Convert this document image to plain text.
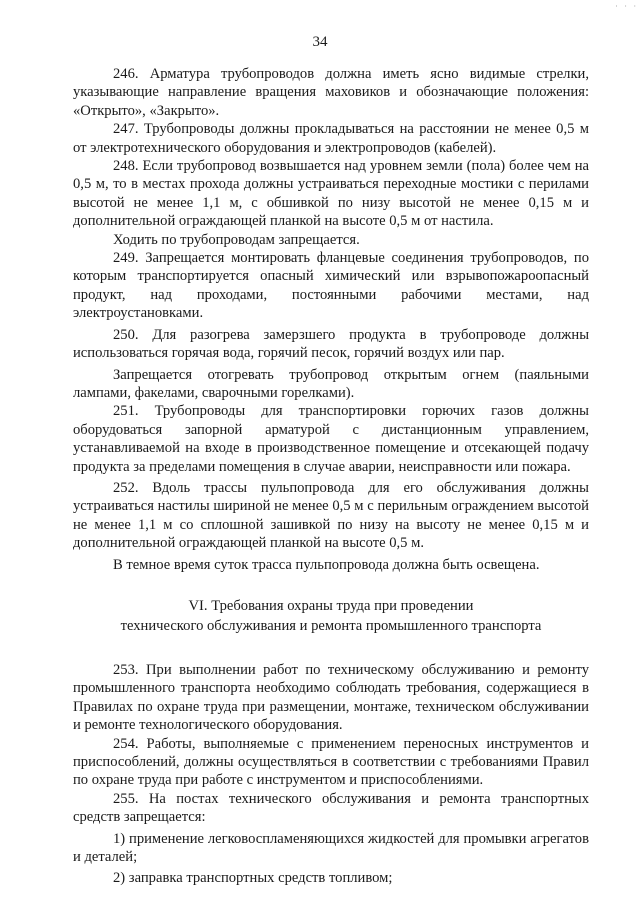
· · ·
34

246. Арматура трубопроводов должна иметь ясно видимые стрелки, указывающие направление вращения маховиков и обозначающие положения: «Открыто», «Закрыто».

247. Трубопроводы должны прокладываться на расстоянии не менее 0,5 м от электротехнического оборудования и электропроводов (кабелей).

248. Если трубопровод возвышается над уровнем земли (пола) более чем на 0,5 м, то в местах прохода должны устраиваться переходные мостики с перилами высотой не менее 1,1 м, с обшивкой по низу высотой не менее 0,15 м и дополнительной ограждающей планкой на высоте 0,5 м от настила.

Ходить по трубопроводам запрещается.

249. Запрещается монтировать фланцевые соединения трубопроводов, по которым транспортируется опасный химический или взрывопожароопасный продукт, над проходами, постоянными рабочими местами, над электроустановками.

250. Для разогрева замерзшего продукта в трубопроводе должны использоваться горячая вода, горячий песок, горячий воздух или пар.

Запрещается отогревать трубопровод открытым огнем (паяльными лампами, факелами, сварочными горелками).

251. Трубопроводы для транспортировки горючих газов должны оборудоваться запорной арматурой с дистанционным управлением, устанавливаемой на входе в производственное помещение и отсекающей подачу продукта за пределами помещения в случае аварии, неисправности или пожара.

252. Вдоль трассы пульпопровода для его обслуживания должны устраиваться настилы шириной не менее 0,5 м с перильным ограждением высотой не менее 1,1 м со сплошной зашивкой по низу на высоту не менее 0,15 м и дополнительной ограждающей планкой на высоте 0,5 м.

В темное время суток трасса пульпопровода должна быть освещена.

VI. Требования охраны труда при проведении
технического обслуживания и ремонта промышленного транспорта

253. При выполнении работ по техническому обслуживанию и ремонту промышленного транспорта необходимо соблюдать требования, содержащиеся в Правилах по охране труда при размещении, монтаже, техническом обслуживании и ремонте технологического оборудования.

254. Работы, выполняемые с применением переносных инструментов и приспособлений, должны осуществляться в соответствии с требованиями Правил по охране труда при работе с инструментом и приспособлениями.

255. На постах технического обслуживания и ремонта транспортных средств запрещается:

1) применение легковоспламеняющихся жидкостей для промывки агрегатов и деталей;

2) заправка транспортных средств топливом;
